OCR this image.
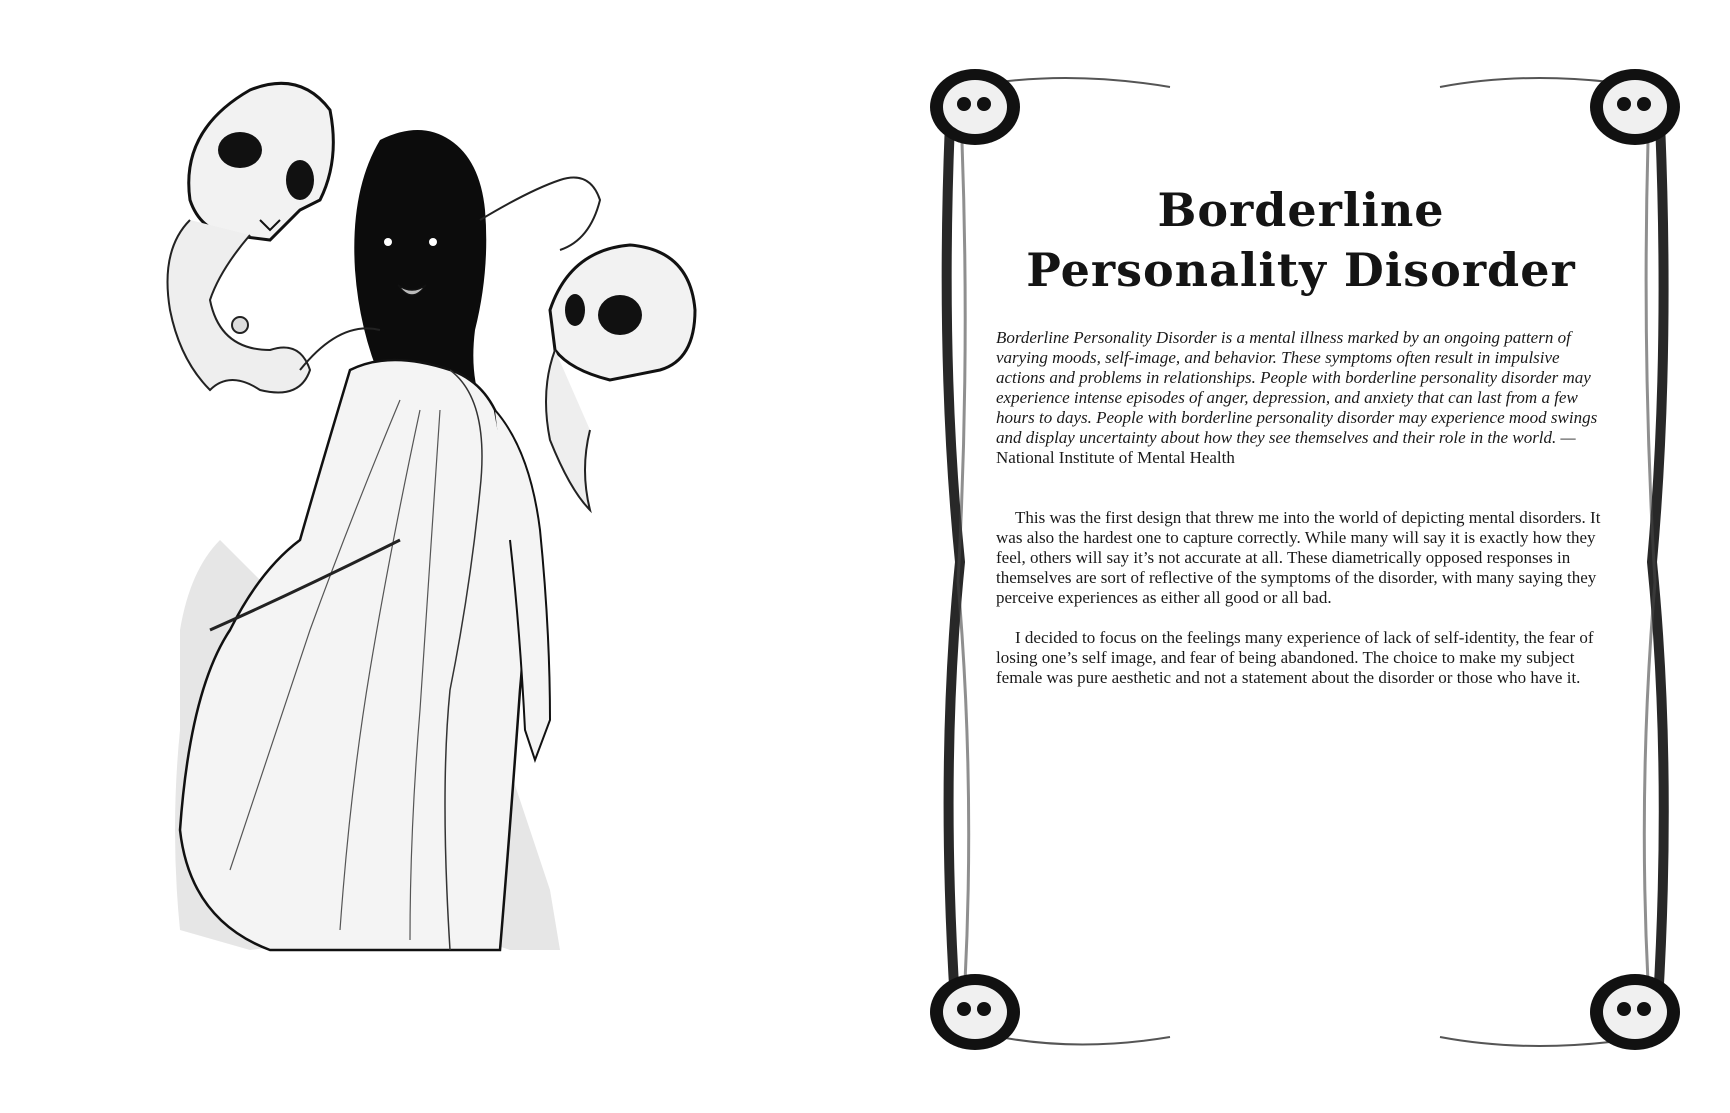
Borderline
Personality Disorder

Borderline Personality Disorder is a mental illness marked by an ongoing pattern of varying moods, self-image, and behavior. These symptoms often result in impulsive actions and problems in relationships. People with borderline personality disorder may experience intense episodes of anger, depression, and anxiety that can last from a few hours to days. People with borderline personality disorder may experience mood swings and display uncertainty about how they see themselves and their role in the world. — National Institute of Mental Health

This was the first design that threw me into the world of depicting mental disorders. It was also the hardest one to capture correctly. While many will say it is exactly how they feel, others will say it’s not accurate at all. These diametrically opposed responses in themselves are sort of reflective of the symptoms of the disorder, with many saying they perceive experiences as either all good or all bad.

I decided to focus on the feelings many experience of lack of self-identity, the fear of losing one’s self image, and fear of being abandoned. The choice to make my subject female was pure aesthetic and not a statement about the disorder or those who have it.
